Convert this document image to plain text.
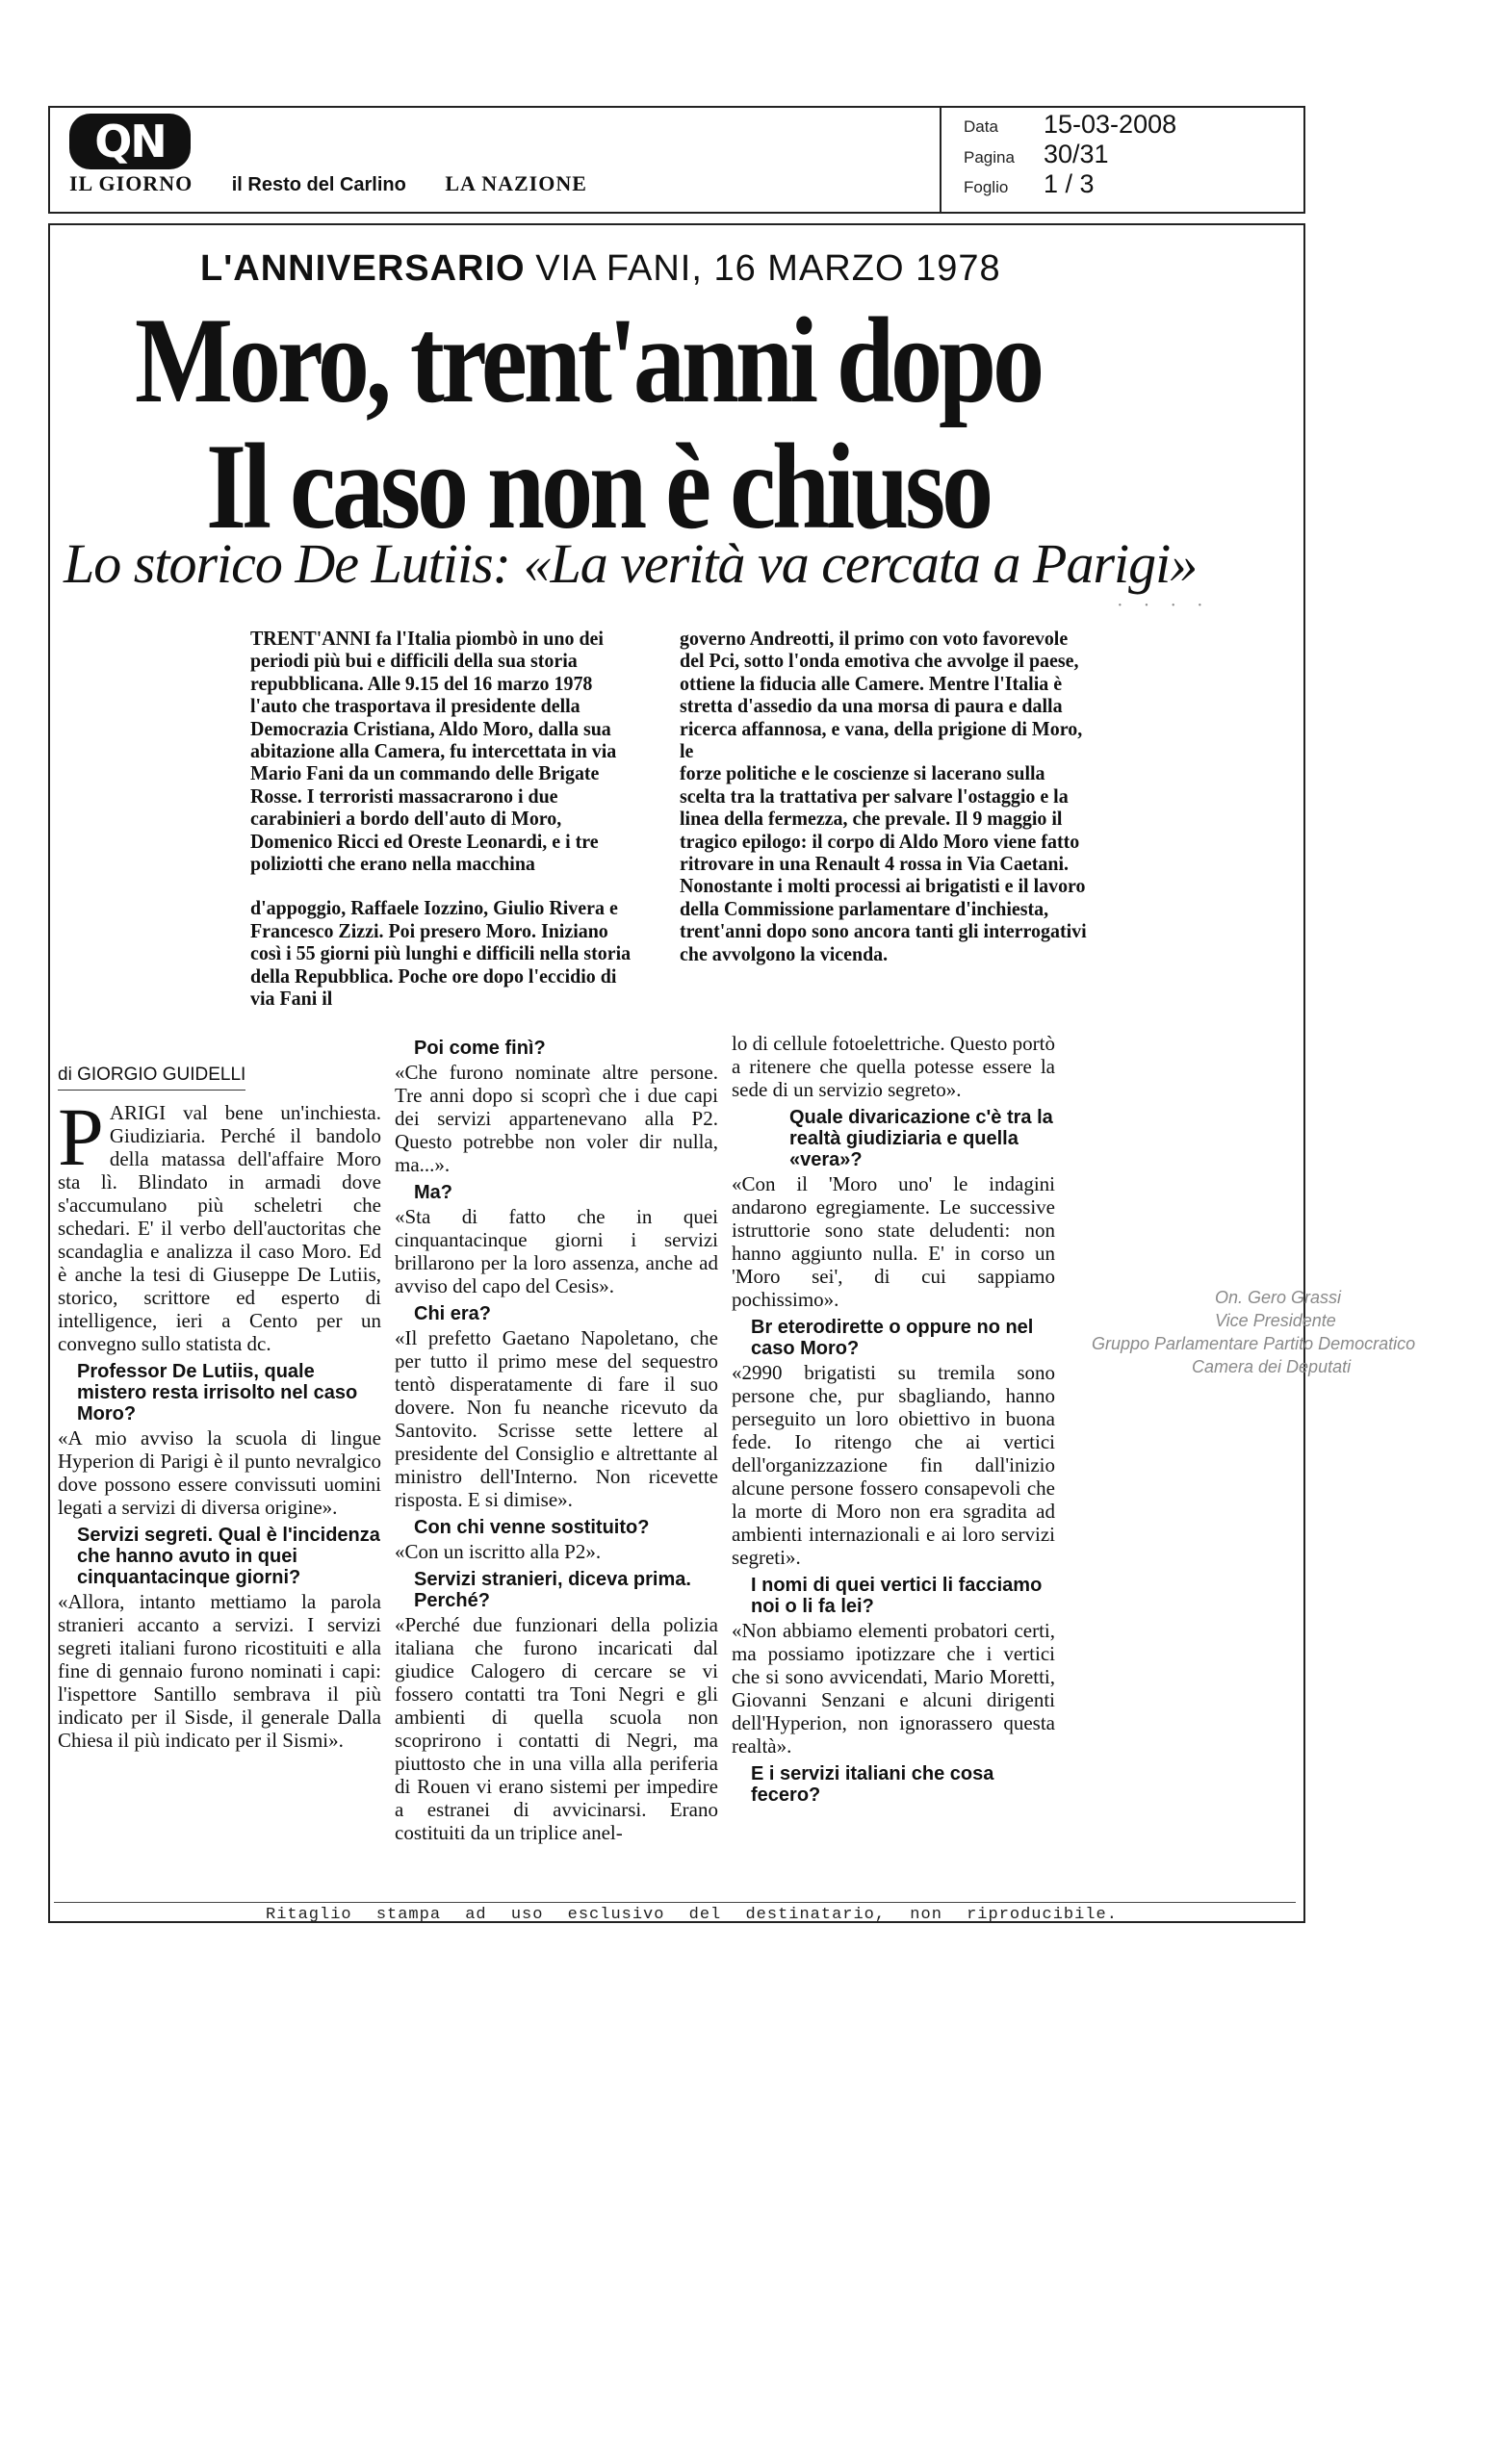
QN
IL GIORNO il Resto del Carlino LA NAZIONE
Data 15-03-2008
Pagina 30/31
Foglio 1 / 3
L'ANNIVERSARIO VIA FANI, 16 MARZO 1978
Moro, trent'anni dopo
Il caso non è chiuso
Lo storico De Lutiis: «La verità va cercata a Parigi»
· · · ·

TRENT'ANNI fa l'Italia piombò in uno dei periodi più bui e difficili della sua storia repubblicana. Alle 9.15 del 16 marzo 1978 l'auto che trasportava il presidente della Democrazia Cristiana, Aldo Moro, dalla sua abitazione alla Camera, fu intercettata in via Mario Fani da un commando delle Brigate Rosse. I terroristi massacrarono i due carabinieri a bordo dell'auto di Moro, Domenico Ricci ed Oreste Leonardi, e i tre poliziotti che erano nella macchina

d'appoggio, Raffaele Iozzino, Giulio Rivera e Francesco Zizzi. Poi presero Moro. Iniziano così i 55 giorni più lunghi e difficili nella storia della Repubblica. Poche ore dopo l'eccidio di via Fani il

governo Andreotti, il primo con voto favorevole del Pci, sotto l'onda emotiva che avvolge il paese, ottiene la fiducia alle Camere. Mentre l'Italia è stretta d'assedio da una morsa di paura e dalla ricerca affannosa, e vana, della prigione di Moro, le

forze politiche e le coscienze si lacerano sulla scelta tra la trattativa per salvare l'ostaggio e la linea della fermezza, che prevale. Il 9 maggio il tragico epilogo: il corpo di Aldo Moro viene fatto ritrovare in una Renault 4 rossa in Via Caetani. Nonostante i molti processi ai brigatisti e il lavoro della Commissione parlamentare d'inchiesta, trent'anni dopo sono ancora tanti gli interrogativi che avvolgono la vicenda.

di GIORGIO GUIDELLI

PARIGI val bene un'inchiesta. Giudiziaria. Perché il bandolo della matassa dell'affaire Moro sta lì. Blindato in armadi dove s'accumulano più scheletri che schedari. E' il verbo dell'auctoritas che scandaglia e analizza il caso Moro. Ed è anche la tesi di Giuseppe De Lutiis, storico, scrittore ed esperto di intelligence, ieri a Cento per un convegno sullo statista dc.

Professor De Lutiis, quale mistero resta irrisolto nel caso Moro?

«A mio avviso la scuola di lingue Hyperion di Parigi è il punto nevralgico dove possono essere convissuti uomini legati a servizi di diversa origine».

Servizi segreti. Qual è l'incidenza che hanno avuto in quei cinquantacinque giorni?

«Allora, intanto mettiamo la parola stranieri accanto a servizi. I servizi segreti italiani furono ricostituiti e alla fine di gennaio furono nominati i capi: l'ispettore Santillo sembrava il più indicato per il Sisde, il generale Dalla Chiesa il più indicato per il Sismi».

Poi come finì?

«Che furono nominate altre persone. Tre anni dopo si scoprì che i due capi dei servizi appartenevano alla P2. Questo potrebbe non voler dir nulla, ma...».

Ma?

«Sta di fatto che in quei cinquantacinque giorni i servizi brillarono per la loro assenza, anche ad avviso del capo del Cesis».

Chi era?

«Il prefetto Gaetano Napoletano, che per tutto il primo mese del sequestro tentò disperatamente di fare il suo dovere. Non fu neanche ricevuto da Santovito. Scrisse sette lettere al presidente del Consiglio e altrettante al ministro dell'Interno. Non ricevette risposta. E si dimise».

Con chi venne sostituito?

«Con un iscritto alla P2».

Servizi stranieri, diceva prima. Perché?

«Perché due funzionari della polizia italiana che furono incaricati dal giudice Calogero di cercare se vi fossero contatti tra Toni Negri e gli ambienti di quella scuola non scoprirono i contatti di Negri, ma piuttosto che in una villa alla periferia di Rouen vi erano sistemi per impedire a estranei di avvicinarsi. Erano costituiti da un triplice anel-

lo di cellule fotoelettriche. Questo portò a ritenere che quella potesse essere la sede di un servizio segreto».

Quale divaricazione c'è tra la realtà giudiziaria e quella «vera»?

«Con il 'Moro uno' le indagini andarono egregiamente. Le successive istruttorie sono state deludenti: non hanno aggiunto nulla. E' in corso un 'Moro sei', di cui sappiamo pochissimo».

Br eterodirette o oppure no nel caso Moro?

«2990 brigatisti su tremila sono persone che, pur sbagliando, hanno perseguito un loro obiettivo in buona fede. Io ritengo che ai vertici dell'organizzazione fin dall'inizio alcune persone fossero consapevoli che la morte di Moro non era sgradita ad ambienti internazionali e ai loro servizi segreti».

I nomi di quei vertici li facciamo noi o li fa lei?

«Non abbiamo elementi probatori certi, ma possiamo ipotizzare che i vertici che si sono avvicendati, Mario Moretti, Giovanni Senzani e alcuni dirigenti dell'Hyperion, non ignorassero questa realtà».

E i servizi italiani che cosa fecero?

Ritaglio stampa ad uso esclusivo del destinatario, non riproducibile.
On. Gero Grassi
Vice Presidente
Gruppo Parlamentare Partito Democratico
Camera dei Deputati
